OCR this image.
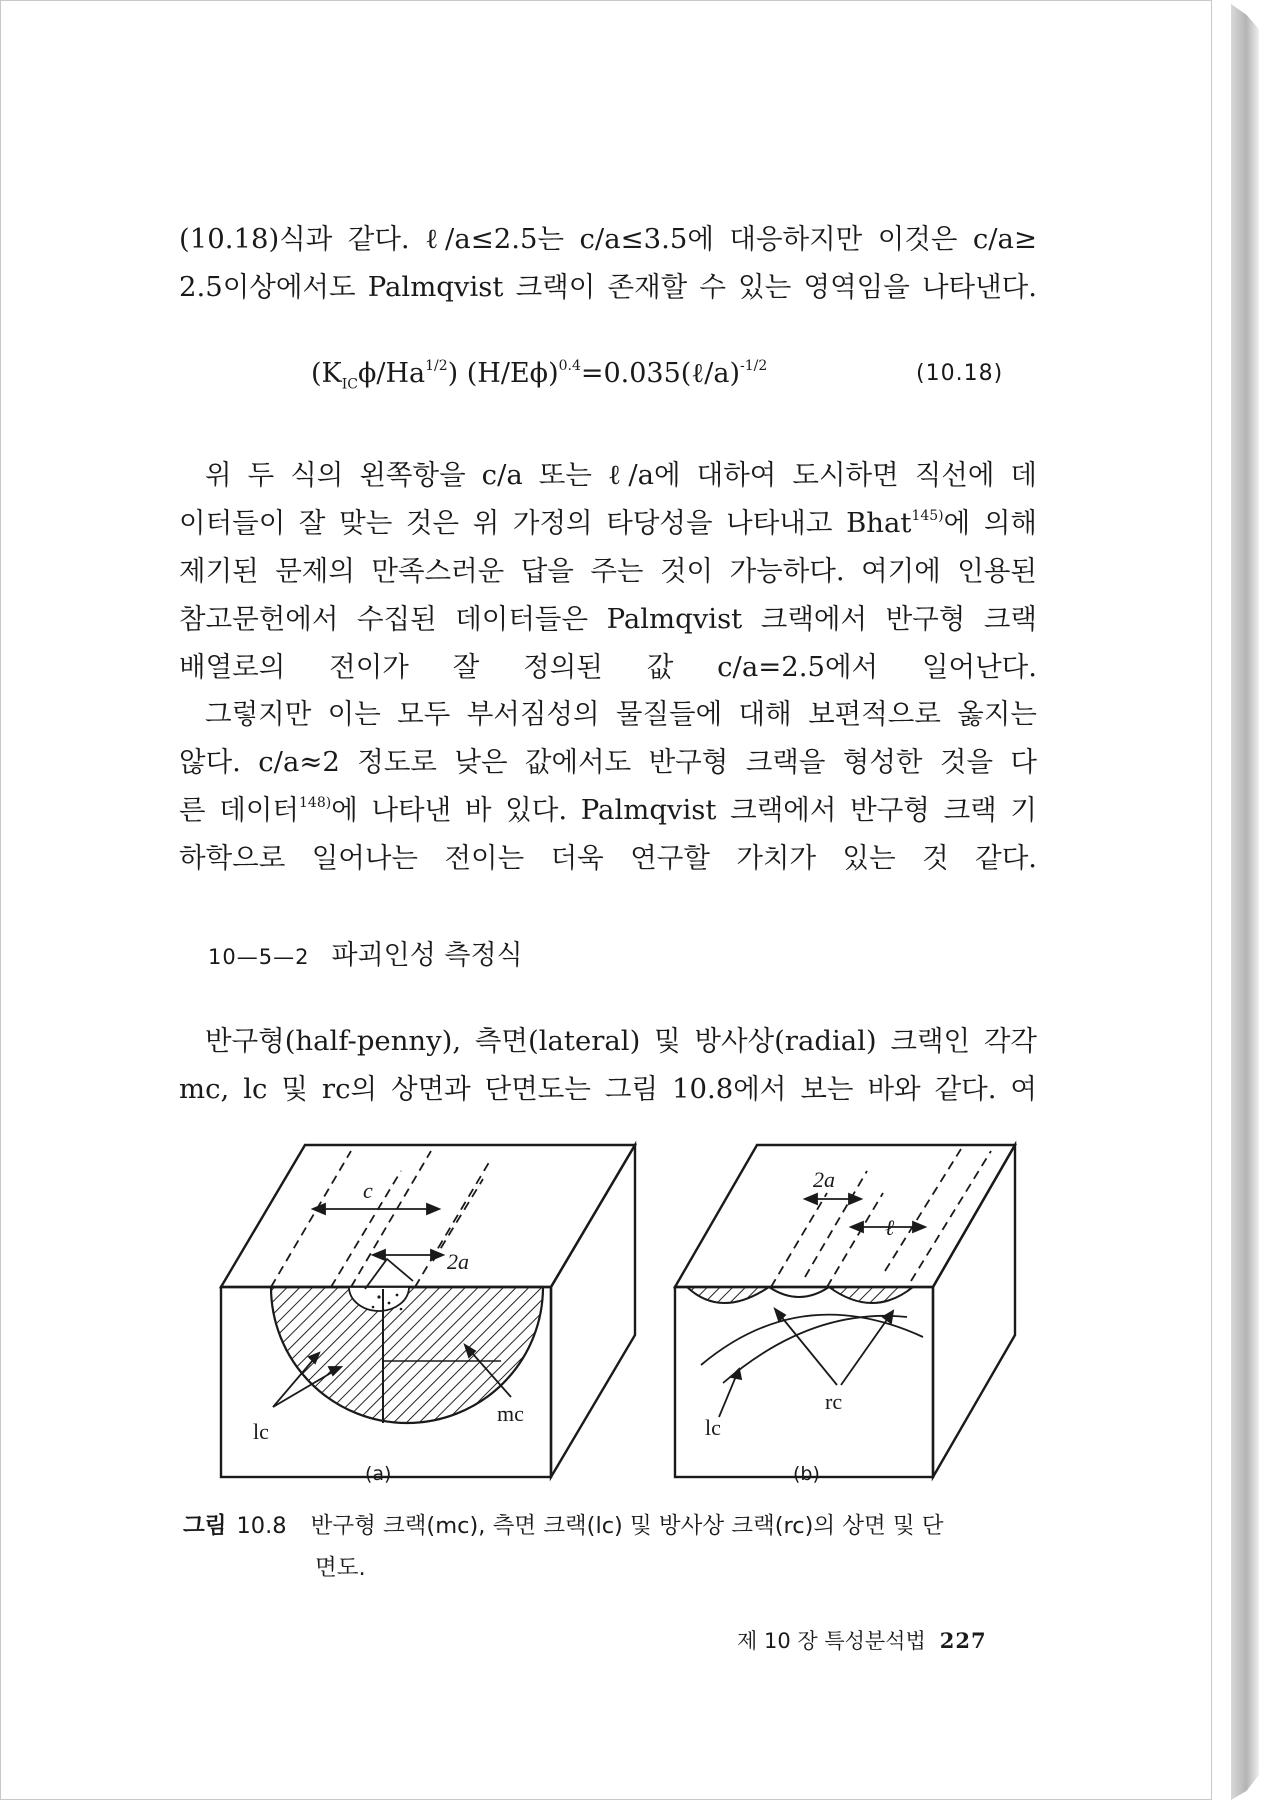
(10.18)식과 같다. ℓ/a≤2.5는 c/a≤3.5에 대응하지만 이것은 c/a≥
2.5이상에서도 Palmqvist 크랙이 존재할 수 있는 영역임을 나타낸다.
$(K_{IC}\phi/Ha^{1/2})$ $(H/E\phi)^{0.4}=0.035(\ell/a)^{-1/2}$	(10.18)
위 두 식의 왼쪽항을 c/a 또는 ℓ/a에 대하여 도시하면 직선에 데
이터들이 잘 맞는 것은 위 가정의 타당성을 나타내고 Bhat$^{145)}$에 의해
제기된 문제의 만족스러운 답을 주는 것이 가능하다. 여기에 인용된
참고문헌에서 수집된 데이터들은 Palmqvist 크랙에서 반구형 크랙
배열로의 전이가 잘 정의된 값 c/a=2.5에서 일어난다.
그렇지만 이는 모두 부서짐성의 물질들에 대해 보편적으로 옳지는
않다. c/a≈2 정도로 낮은 값에서도 반구형 크랙을 형성한 것을 다
른 데이터$^{148)}$에 나타낸 바 있다. Palmqvist 크랙에서 반구형 크랙 기
하학으로 일어나는 전이는 더욱 연구할 가치가 있는 것 같다.
10—5—2 파괴인성 측정식
반구형(half-penny), 측면(lateral) 및 방사상(radial) 크랙인 각각
mc, lc 및 rc의 상면과 단면도는 그림 10.8에서 보는 바와 같다. 여
c
2a
lc
mc
2a
ℓ
lc
rc
(a)	(b)
그림 10.8 반구형 크랙(mc), 측면 크랙(lc) 및 방사상 크랙(rc)의 상면 및 단
면도.
제 10 장 특성분석법 227
